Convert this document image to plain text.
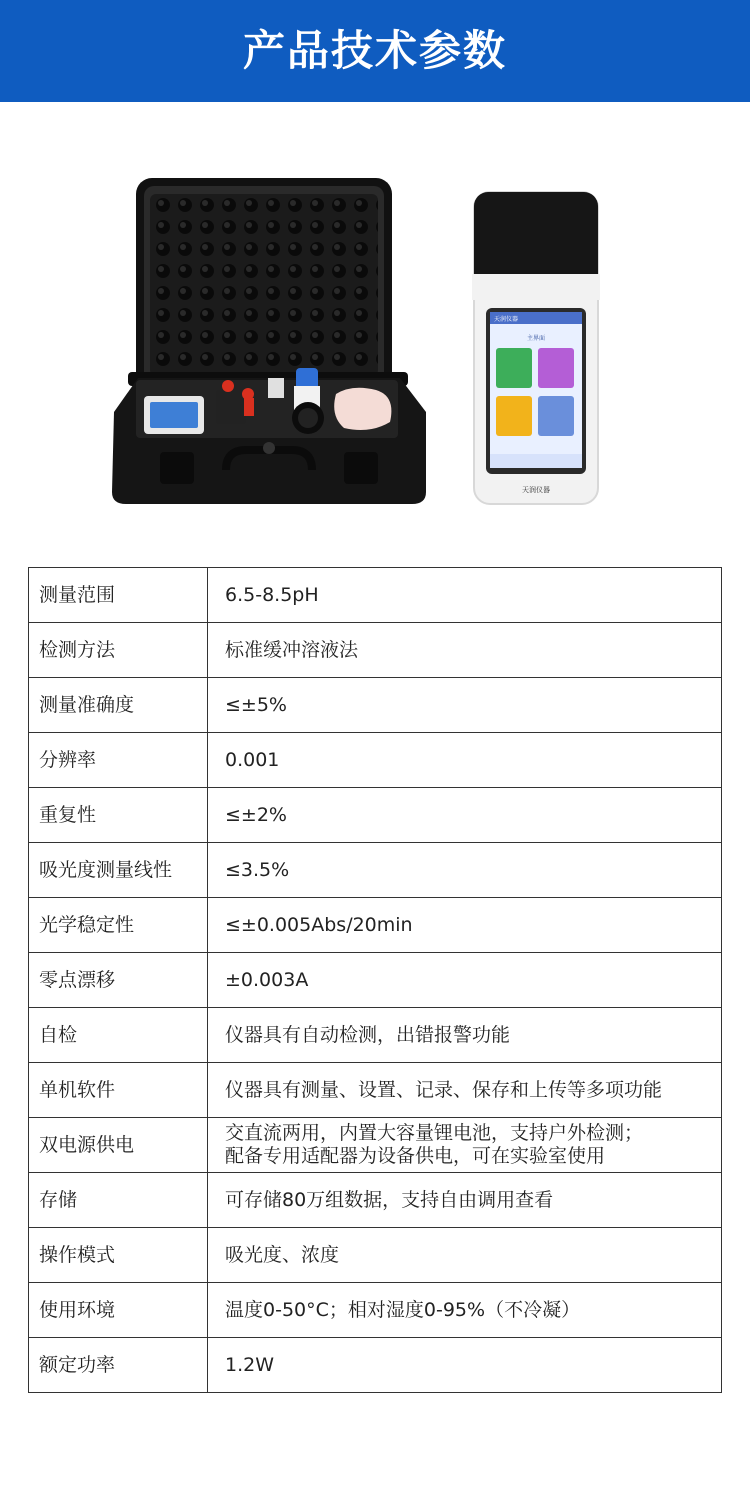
产品技术参数
天润仪器
主界面
天润仪器
测量范围	6.5-8.5pH
检测方法	标准缓冲溶液法
测量准确度	≤±5%
分辨率	0.001
重复性	≤±2%
吸光度测量线性	≤3.5%
光学稳定性	≤±0.005Abs/20min
零点漂移	±0.003A
自检	仪器具有自动检测，出错报警功能
单机软件	仪器具有测量、设置、记录、保存和上传等多项功能
双电源供电	交直流两用，内置大容量锂电池，支持户外检测；
配备专用适配器为设备供电，可在实验室使用

存储	可存储80万组数据，支持自由调用查看
操作模式	吸光度、浓度
使用环境	温度0-50°C；相对湿度0-95%（不冷凝）
额定功率	1.2W
